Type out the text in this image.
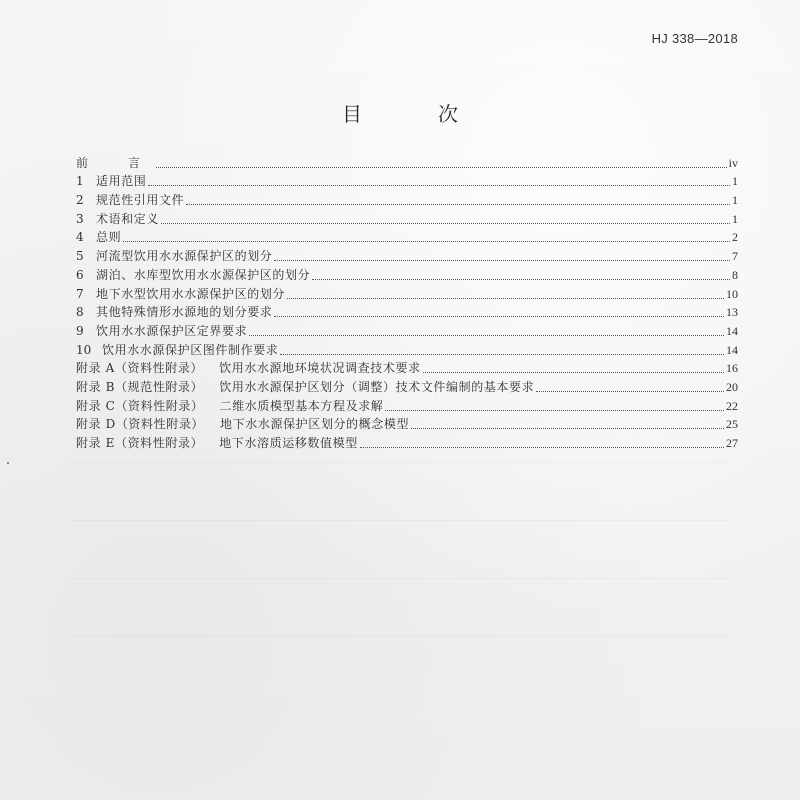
HJ 338—2018
目　次
前　言	iv
1	适用范围	1
2	规范性引用文件	1
3	术语和定义	1
4	总则	2
5	河流型饮用水水源保护区的划分	7
6	湖泊、水库型饮用水水源保护区的划分	8
7	地下水型饮用水水源保护区的划分	10
8	其他特殊情形水源地的划分要求	13
9	饮用水水源保护区定界要求	14
10 饮用水水源保护区图件制作要求	14
附录 A（资料性附录） 饮用水水源地环境状况调查技术要求	16
附录 B（规范性附录） 饮用水水源保护区划分（调整）技术文件编制的基本要求	20
附录 C（资料性附录） 二维水质模型基本方程及求解	22
附录 D（资料性附录） 地下水水源保护区划分的概念模型	25
附录 E（资料性附录） 地下水溶质运移数值模型	27
